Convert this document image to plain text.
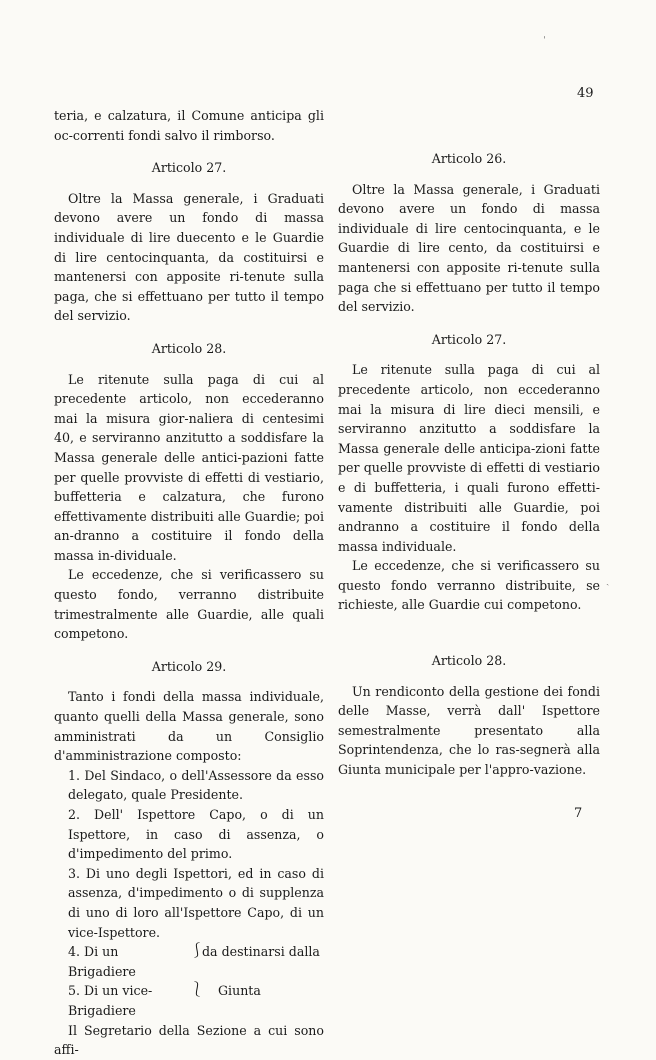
ˈ
49

teria, e calzatura, il Comune anticipa gli oc-correnti fondi salvo il rimborso.

Articolo 27.

Oltre la Massa generale, i Graduati devono avere un fondo di massa individuale di lire duecento e le Guardie di lire centocinquanta, da costituirsi e mantenersi con apposite ri-tenute sulla paga, che si effettuano per tutto il tempo del servizio.

Articolo 28.

Le ritenute sulla paga di cui al precedente articolo, non eccederanno mai la misura gior-naliera di centesimi 40, e serviranno anzitutto a soddisfare la Massa generale delle antici-pazioni fatte per quelle provviste di effetti di vestiario, buffetteria e calzatura, che furono effettivamente distribuiti alle Guardie; poi an-dranno a costituire il fondo della massa in-dividuale.

Le eccedenze, che si verificassero su questo fondo, verranno distribuite trimestralmente alle Guardie, alle quali competono.

Articolo 29.

Tanto i fondi della massa individuale, quanto quelli della Massa generale, sono amministrati da un Consiglio d'amministrazione composto:

1. Del Sindaco, o dell'Assessore da esso delegato, quale Presidente.

2. Dell' Ispettore Capo, o di un Ispettore, in caso di assenza, o d'impedimento del primo.

3. Di uno degli Ispettori, ed in caso di assenza, d'impedimento o di supplenza di uno di loro all'Ispettore Capo, di un vice-Ispettore.

4. Di un Brigadiere
⎰
da destinarsi dalla
5. Di un vice-Brigadiere
⎱	Giunta

Il Segretario della Sezione a cui sono affi-

Articolo 26.

Oltre la Massa generale, i Graduati devono avere un fondo di massa individuale di lire centocinquanta, e le Guardie di lire cento, da costituirsi e mantenersi con apposite ri-tenute sulla paga che si effettuano per tutto il tempo del servizio.

Articolo 27.

Le ritenute sulla paga di cui al precedente articolo, non eccederanno mai la misura di lire dieci mensili, e serviranno anzitutto a soddisfare la Massa generale delle anticipa-zioni fatte per quelle provviste di effetti di vestiario e di buffetteria, i quali furono effetti-vamente distribuiti alle Guardie, poi andranno a costituire il fondo della massa individuale.

Le eccedenze, che si verificassero su questo fondo verranno distribuite, se richieste, alle Guardie cui competono.

Articolo 28.

Un rendiconto della gestione dei fondi delle Masse, verrà dall' Ispettore semestralmente presentato alla Soprintendenza, che lo ras-segnerà alla Giunta municipale per l'appro-vazione.

ˏ
7
